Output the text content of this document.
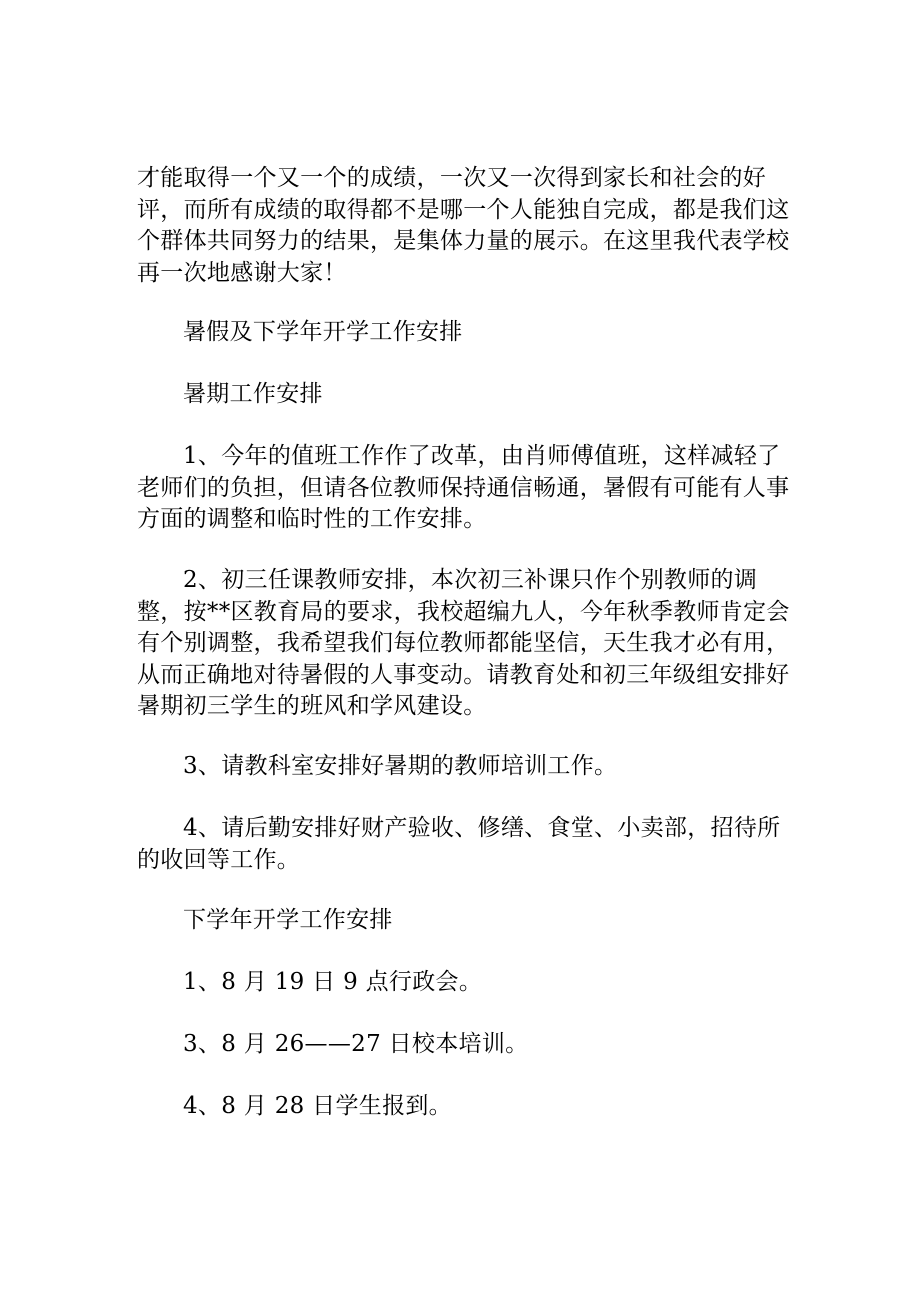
才能取得一个又一个的成绩，一次又一次得到家长和社会的好评，而所有成绩的取得都不是哪一个人能独自完成，都是我们这个群体共同努力的结果，是集体力量的展示。在这里我代表学校再一次地感谢大家！

暑假及下学年开学工作安排

暑期工作安排

1、今年的值班工作作了改革，由肖师傅值班，这样减轻了老师们的负担，但请各位教师保持通信畅通，暑假有可能有人事方面的调整和临时性的工作安排。

2、初三任课教师安排，本次初三补课只作个别教师的调整，按**区教育局的要求，我校超编九人，今年秋季教师肯定会有个别调整，我希望我们每位教师都能坚信，天生我才必有用，从而正确地对待暑假的人事变动。请教育处和初三年级组安排好暑期初三学生的班风和学风建设。

3、请教科室安排好暑期的教师培训工作。

4、请后勤安排好财产验收、修缮、食堂、小卖部，招待所的收回等工作。

下学年开学工作安排

1、8 月 19 日 9 点行政会。

3、8 月 26——27 日校本培训。

4、8 月 28 日学生报到。
